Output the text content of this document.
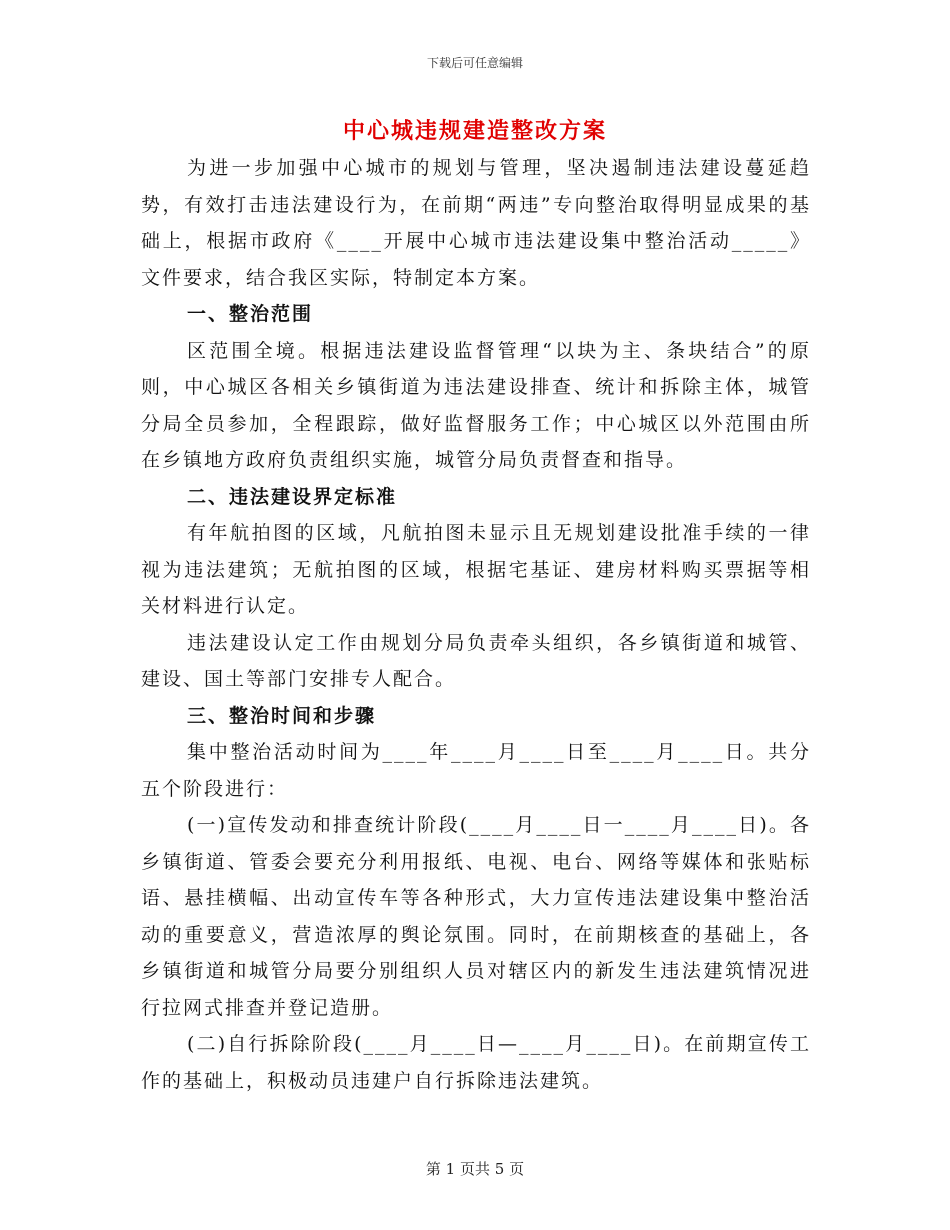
下载后可任意编辑
中心城违规建造整改方案

为进一步加强中心城市的规划与管理，坚决遏制违法建设蔓延趋势，有效打击违法建设行为，在前期“两违”专向整治取得明显成果的基础上，根据市政府《____开展中心城市违法建设集中整治活动_____》文件要求，结合我区实际，特制定本方案。

一、整治范围

区范围全境。根据违法建设监督管理“以块为主、条块结合”的原则，中心城区各相关乡镇街道为违法建设排查、统计和拆除主体，城管分局全员参加，全程跟踪，做好监督服务工作；中心城区以外范围由所在乡镇地方政府负责组织实施，城管分局负责督查和指导。

二、违法建设界定标准

有年航拍图的区域，凡航拍图未显示且无规划建设批准手续的一律视为违法建筑；无航拍图的区域，根据宅基证、建房材料购买票据等相关材料进行认定。

违法建设认定工作由规划分局负责牵头组织，各乡镇街道和城管、建设、国土等部门安排专人配合。

三、整治时间和步骤

集中整治活动时间为____年____月____日至____月____日。共分五个阶段进行：

(一)宣传发动和排查统计阶段(____月____日一____月____日)。各乡镇街道、管委会要充分利用报纸、电视、电台、网络等媒体和张贴标语、悬挂横幅、出动宣传车等各种形式，大力宣传违法建设集中整治活动的重要意义，营造浓厚的舆论氛围。同时，在前期核查的基础上，各乡镇街道和城管分局要分别组织人员对辖区内的新发生违法建筑情况进行拉网式排查并登记造册。

(二)自行拆除阶段(____月____日—____月____日)。在前期宣传工作的基础上，积极动员违建户自行拆除违法建筑。

第 1 页共 5 页
